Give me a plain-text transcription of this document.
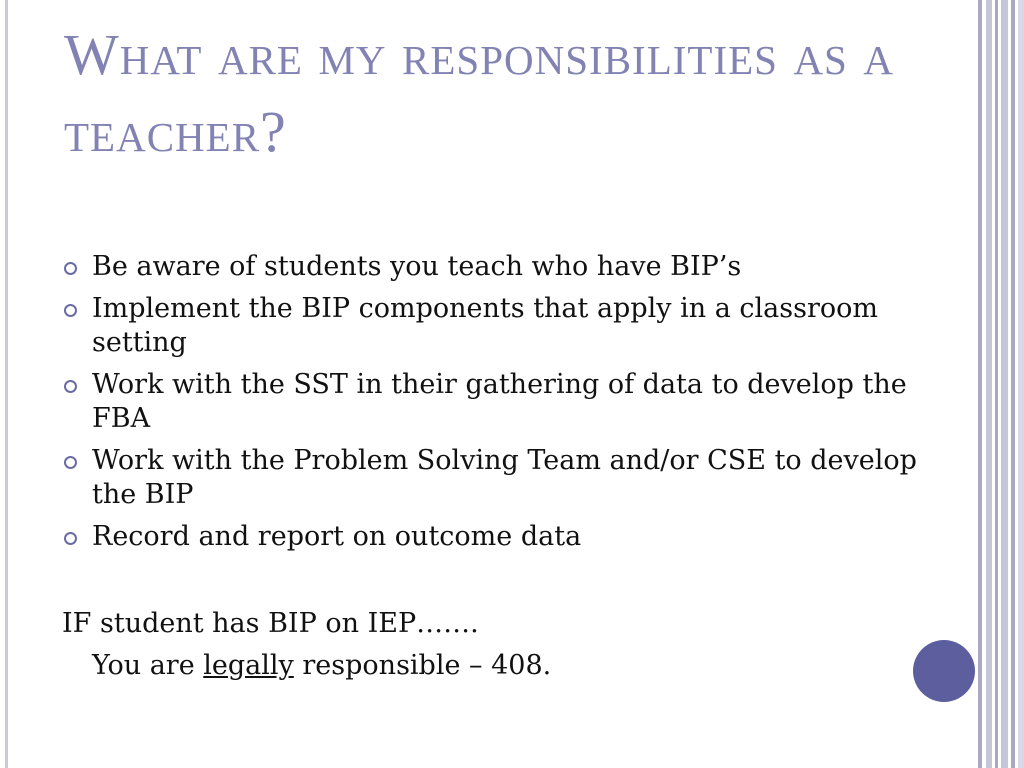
What are my responsibilities as a teacher?
Be aware of students you teach who have BIP’s
Implement the BIP components that apply in a classroom setting
Work with the SST in their gathering of data to develop the FBA
Work with the Problem Solving Team and/or CSE to develop the BIP
Record and report on outcome data
IF student has BIP on IEP…….
You are legally responsible – 408.
